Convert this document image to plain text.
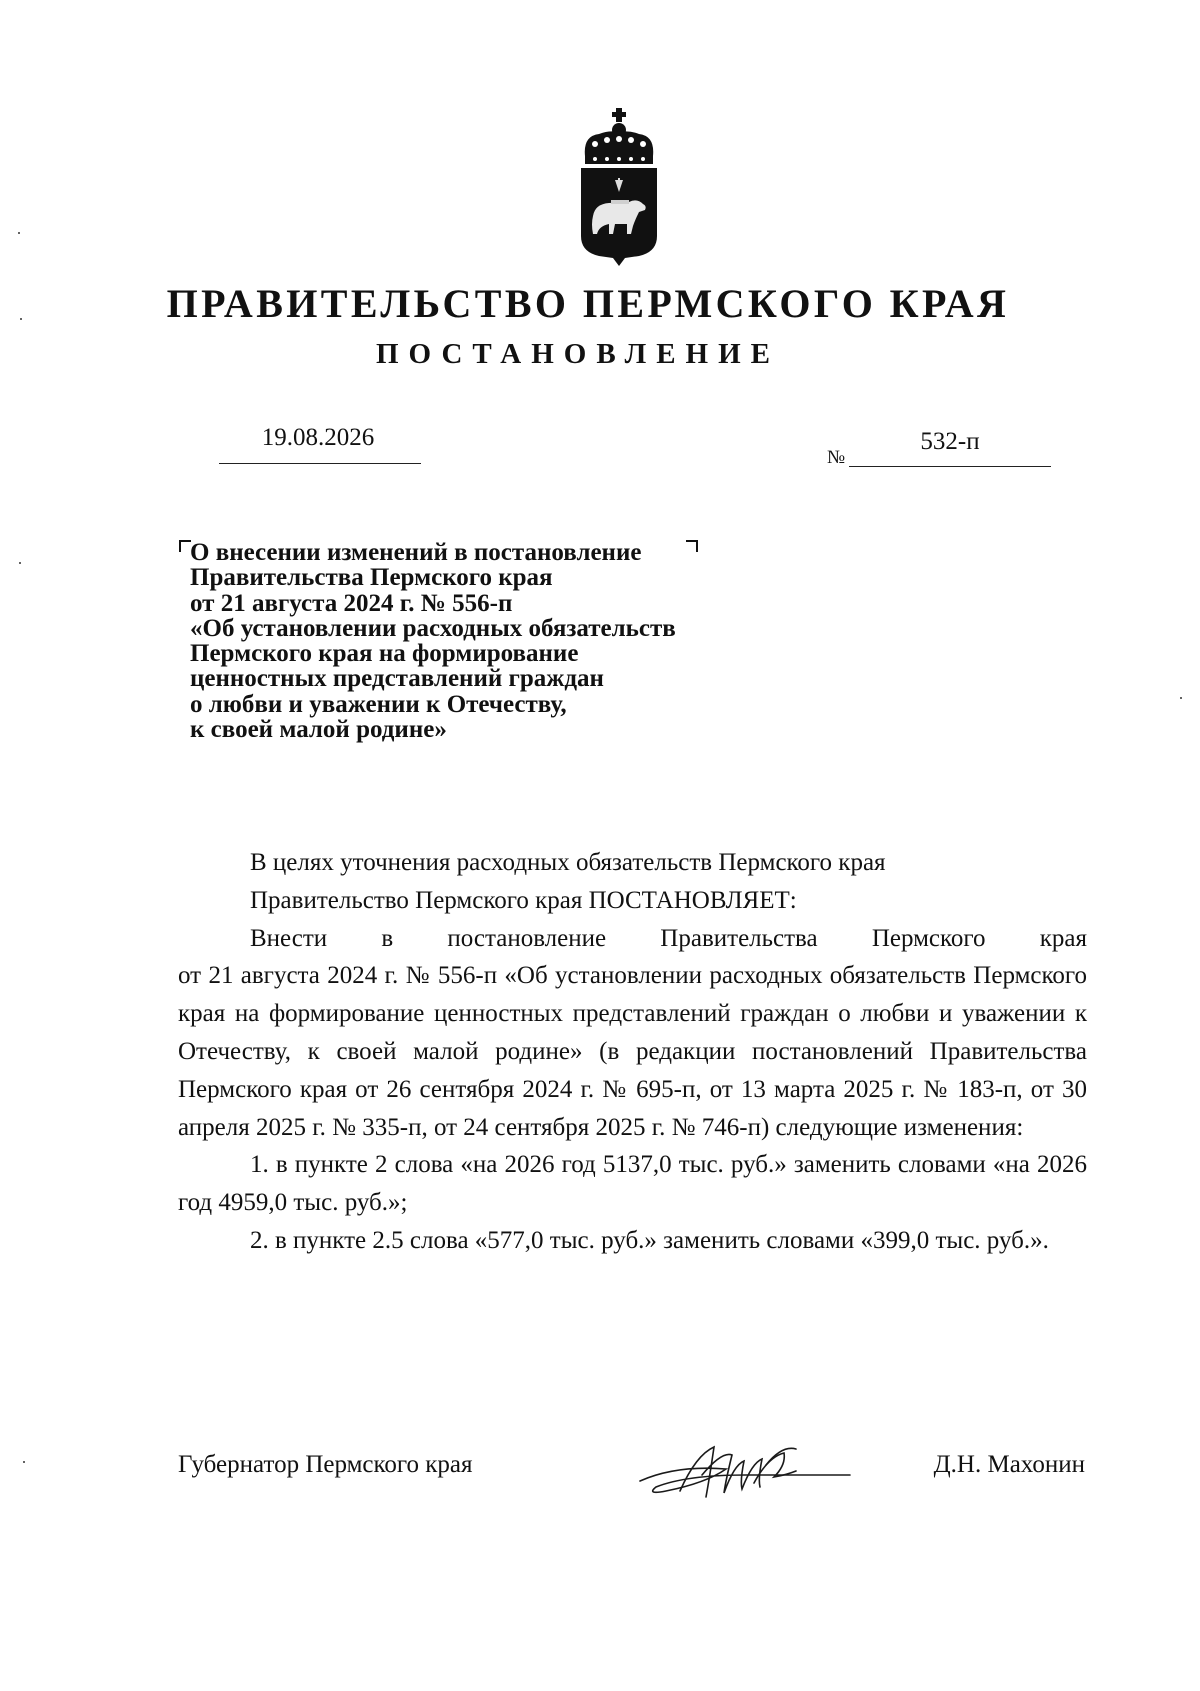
ПРАВИТЕЛЬСТВО ПЕРМСКОГО КРАЯ
ПОСТАНОВЛЕНИЕ
19.08.2026
№
532-п
О внесении изменений в постановление
Правительства Пермского края
от 21 августа 2024 г. № 556-п
«Об установлении расходных обязательств
Пермского края на формирование
ценностных представлений граждан
о любви и уважении к Отечеству,
к своей малой родине»

В целях уточнения расходных обязательств Пермского края

Правительство Пермского края ПОСТАНОВЛЯЕТ:

Внести в постановление Правительства Пермского края

от 21 августа 2024 г. № 556-п «Об установлении расходных обязательств Пермского края на формирование ценностных представлений граждан о любви и уважении к Отечеству, к своей малой родине» (в редакции постановлений Правительства Пермского края от 26 сентября 2024 г. № 695-п, от 13 марта 2025 г. № 183-п, от 30 апреля 2025 г. № 335-п, от 24 сентября 2025 г. № 746-п) следующие изменения:

1. в пункте 2 слова «на 2026 год 5137,0 тыс. руб.» заменить словами «на 2026 год 4959,0 тыс. руб.»;

2. в пункте 2.5 слова «577,0 тыс. руб.» заменить словами «399,0 тыс. руб.».

Губернатор Пермского края	Д.Н. Махонин
